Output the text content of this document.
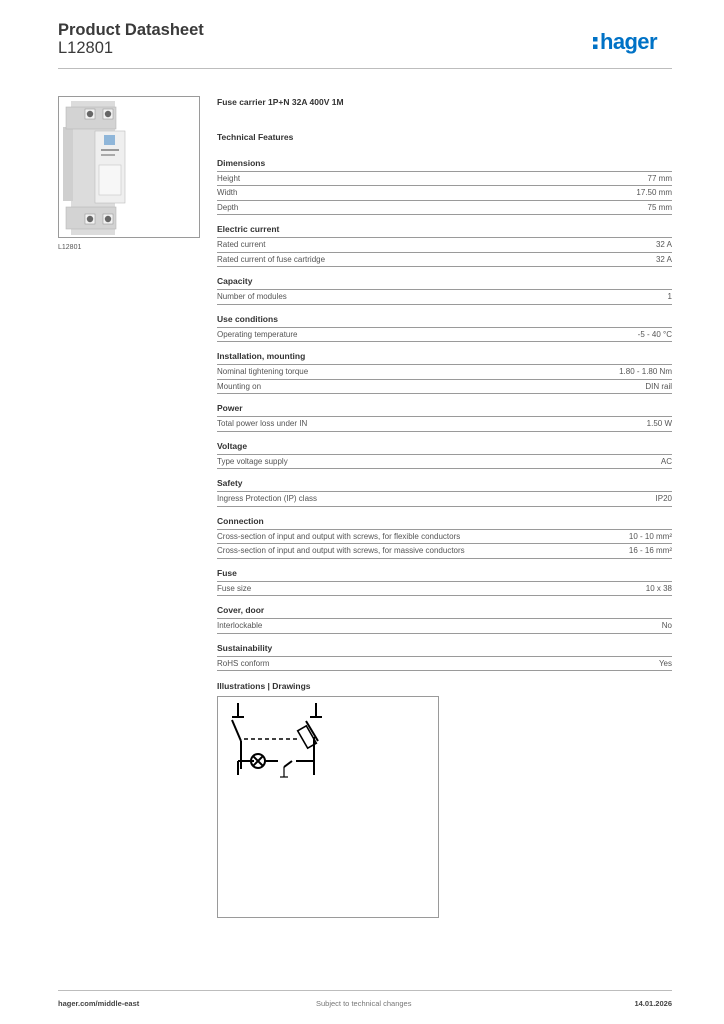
Product Datasheet
L12801	hager
L12801
Fuse carrier 1P+N 32A 400V 1M
Technical Features
Dimensions
Height	77 mm
Width	17.50 mm
Depth	75 mm
Electric current
Rated current	32 A
Rated current of fuse cartridge	32 A
Capacity
Number of modules	1
Use conditions
Operating temperature	-5 - 40 °C
Installation, mounting
Nominal tightening torque	1.80 - 1.80 Nm
Mounting on	DIN rail
Power
Total power loss under IN	1.50 W
Voltage
Type voltage supply	AC
Safety
Ingress Protection (IP) class	IP20
Connection
Cross-section of input and output with screws, for flexible conductors	10 - 10 mm²
Cross-section of input and output with screws, for massive conductors	16 - 16 mm²
Fuse
Fuse size	10 x 38
Cover, door
Interlockable	No
Sustainability
RoHS conform	Yes
Illustrations | Drawings
hager.com/middle-east	Subject to technical changes	14.01.2026
